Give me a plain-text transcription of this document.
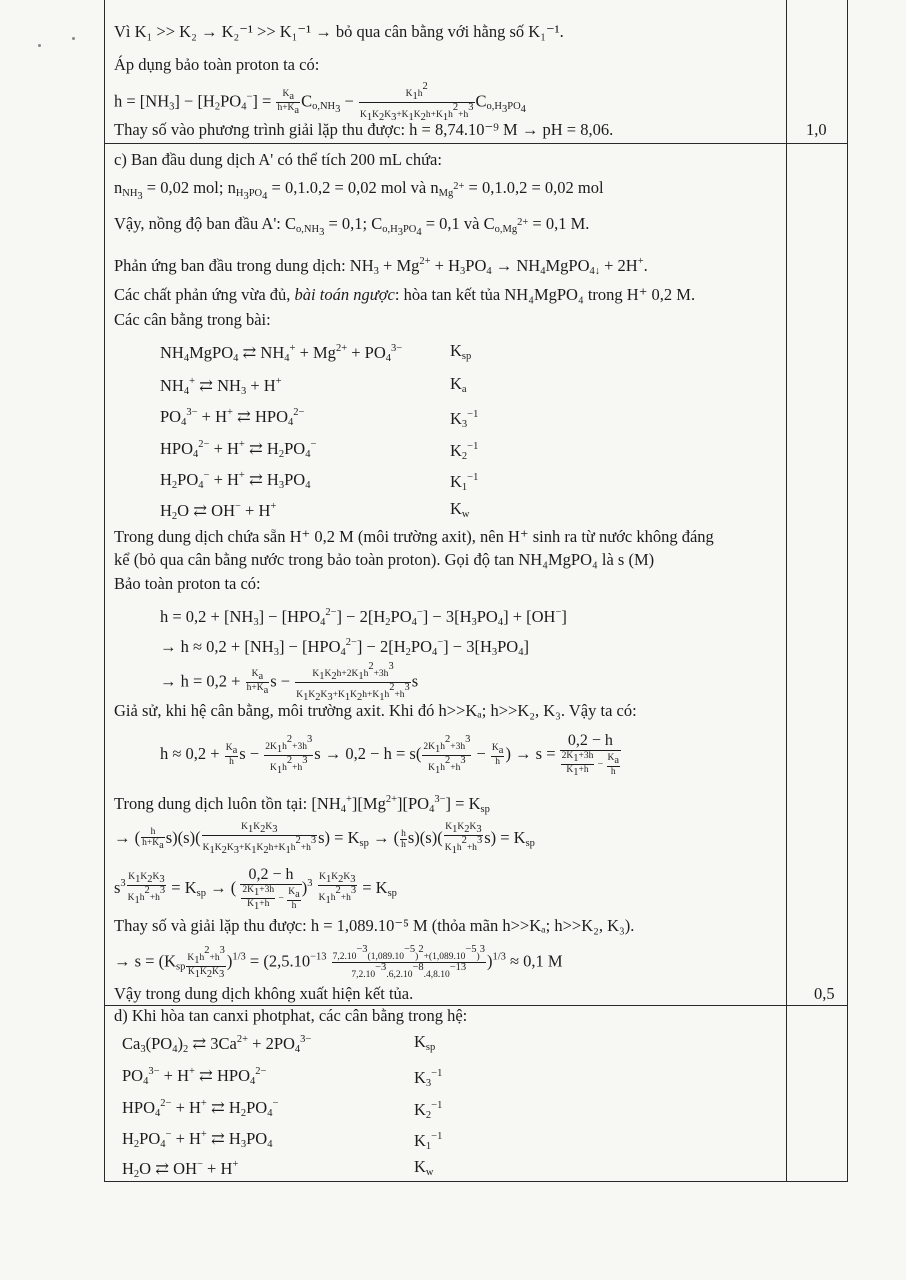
Vì K₁ >> K₂ → K₂⁻¹ >> K₁⁻¹ → bỏ qua cân bằng với hằng số K₁⁻¹.
Áp dụng bảo toàn proton ta có:
$h = [NH_3] - [H_2PO_4^-] = \frac{K_a}{h+K_a} C_{o,NH_3} - \frac{K_1h^2}{K_1K_2K_3+K_1K_2h+K_1h^2+h^3} C_{o,H_3PO_4}$
Thay số vào phương trình giải lặp thu được: h = 8,74.10⁻⁹ M → pH = 8,06.	1,0
c) Ban đầu dung dịch A' có thể tích 200 mL chứa:
$n_{NH_3} = 0,02$ mol; $n_{H_3PO_4} = 0,1.0,2 = 0,02$ mol và $n_{Mg^{2+}} = 0,1.0,2 = 0,02$ mol
Vậy, nồng độ ban đầu A': $C_{o,NH_3} = 0,1$; $C_{o,H_3PO_4} = 0,1$ và $C_{o,Mg^{2+}} = 0,1$ M.
Phản ứng ban đầu trong dung dịch: $NH_3 + Mg^{2+} + H_3PO_4$ → $NH_4MgPO_{4↓} + 2H^+$.
Các chất phản ứng vừa đủ, bài toán ngược: hòa tan kết tủa NH₄MgPO₄ trong H⁺ 0,2 M.
Các cân bằng trong bài:
$NH_4MgPO_4$ ⇄ $NH_4^+ + Mg^{2+} + PO_4^{3-}$	$K_{sp}$
$NH_4^+$ ⇄ $NH_3 + H^+$	$K_a$
$PO_4^{3-} + H^+$ ⇄ $HPO_4^{2-}$	$K_3^{-1}$
$HPO_4^{2-} + H^+$ ⇄ $H_2PO_4^-$	$K_2^{-1}$
$H_2PO_4^- + H^+$ ⇄ $H_3PO_4$	$K_1^{-1}$
$H_2O$ ⇄ OH− + H+	$K_w$
Trong dung dịch chứa sẵn H⁺ 0,2 M (môi trường axit), nên H⁺ sinh ra từ nước không đáng
kể (bỏ qua cân bằng nước trong bảo toàn proton). Gọi độ tan NH₄MgPO₄ là s (M)
Bảo toàn proton ta có:
$h = 0,2 + [NH_3] - [HPO_4^{2-}] - 2[H_2PO_4^-] - 3[H_3PO_4] + [OH^-]$
→ $h \approx 0,2 + [NH_3] - [HPO_4^{2-}] - 2[H_2PO_4^-] - 3[H_3PO_4]$
→ $h = 0,2 + \frac{K_a}{h+K_a}$ $s - \frac{K_1K_2h+2K_1h^2+3h^3}{K_1K_2K_3+K_1K_2h+K_1h^2+h^3}$ s
Giả sử, khi hệ cân bằng, môi trường axit. Khi đó h>>Kₐ; h>>K₂, K₃. Vậy ta có:
$h \approx 0,2 + \frac{K_a}{h}$ $s - \frac{2K_1h^2+3h^3}{K_1h^2+h^3}$ $s \to 0,2 - h = s( \frac{2K_1h^2+3h^3}{K_1h^2+h^3} - \frac{K_a}{h}$ ) → $s = \frac{0,2 - h}{\frac{2K_1+3h}{K_1+h} - \frac{K_a}{h}}$
Trong dung dịch luôn tồn tại: $[NH_4^+][Mg^{2+}][PO_4^{3-}] = K_{sp}$
→ ( $\frac{h}{h+K_a} s)(s)( \frac{K_1K_2K_3}{K_1K_2K_3+K_1K_2h+K_1h^2+h^3} s) = K_{sp}$ → ( $\frac{h}{h} s)(s)( \frac{K_1K_2K_3}{K_1h^2+h^3} s) = K_{sp}$
$s^3 \frac{K_1K_2K_3}{K_1h^2+h^3} = K_{sp}$ → ( $\frac{0,2 - h}{\frac{2K_1+3h}{K_1+h} - \frac{K_a}{h}} )^3 \frac{K_1K_2K_3}{K_1h^2+h^3} = K_{sp}$
Thay số và giải lặp thu được: h = 1,089.10⁻⁵ M (thỏa mãn h>>Kₐ; h>>K₂, K₃).
→ $s = (K_{sp} \frac{K_1h^2+h^3}{K_1K_2K_3} )^{1/3} = (2,5.10^{-13} \frac{7,2.10^{-3}(1,089.10^{-5})^2+(1,089.10^{-5})^3}{7,2.10^{-3}.6,2.10^{-8}.4,8.10^{-13}} )^{1/3} \approx 0,1$ M
Vậy trong dung dịch không xuất hiện kết tủa.	0,5
d) Khi hòa tan canxi photphat, các cân bằng trong hệ:
$Ca_3(PO_4)_2$ ⇄ $3Ca^{2+} + 2PO_4^{3-}$	$K_{sp}$
$PO_4^{3-} + H^+$ ⇄ $HPO_4^{2-}$	$K_3^{-1}$
$HPO_4^{2-} + H^+$ ⇄ $H_2PO_4^-$	$K_2^{-1}$
$H_2PO_4^- + H^+$ ⇄ $H_3PO_4$	$K_1^{-1}$
$H_2O$ ⇄ OH− + H+	$K_w$
